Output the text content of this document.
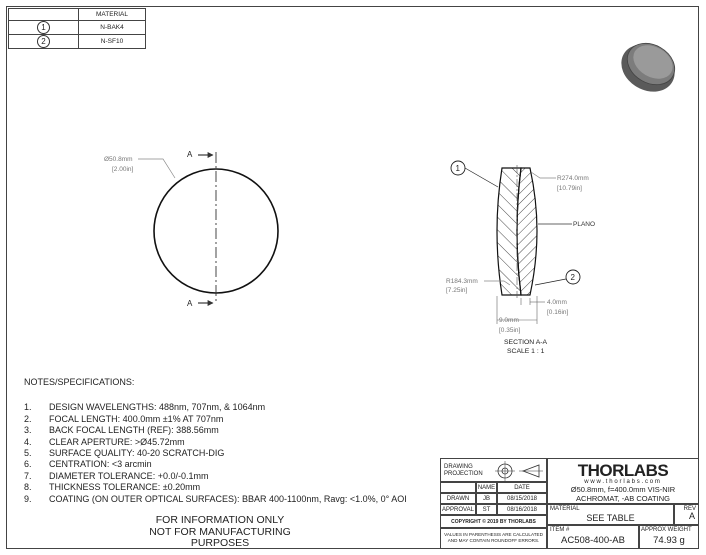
	MATERIAL
1	N-BAK4
2	N-SF10
A
A
Ø50.8mm
[2.00in]	1
2
R274.0mm
[10.79in]
PLANO
R184.3mm
[7.25in]
4.0mm
[0.16in]
9.0mm
[0.35in]
SECTION A-A
SCALE 1 : 1
NOTES/SPECIFICATIONS:
1. DESIGN WAVELENGTHS: 488nm, 707nm, & 1064nm
2. FOCAL LENGTH: 400.0mm ±1% AT 707nm
3. BACK FOCAL LENGTH (REF): 388.56mm
4. CLEAR APERTURE: >Ø45.72mm
5. SURFACE QUALITY: 40-20 SCRATCH-DIG
6. CENTRATION: <3 arcmin
7. DIAMETER TOLERANCE: +0.0/-0.1mm
8. THICKNESS TOLERANCE: ±0.20mm
9. COATING (ON OUTER OPTICAL SURFACES): BBAR 400-1100nm, Ravg: <1.0%, 0° AOI
FOR INFORMATION ONLY
NOT FOR MANUFACTURING PURPOSES
DRAWING PROJECTION
NAME	DATE
DRAWN	JB	08/15/2018
APPROVAL	ST	08/16/2018
COPYRIGHT © 2019 BY THORLABS
VALUES IN PARENTHESIS ARE CALCULATED AND MAY CONTAIN ROUNDOFF ERRORS.
THORLABS
www.thorlabs.com
Ø50.8mm, f=400.0mm VIS-NIR
ACHROMAT, -AB COATING
MATERIAL
SEE TABLE
REV
A
ITEM #
AC508-400-AB
APPROX WEIGHT
74.93 g
